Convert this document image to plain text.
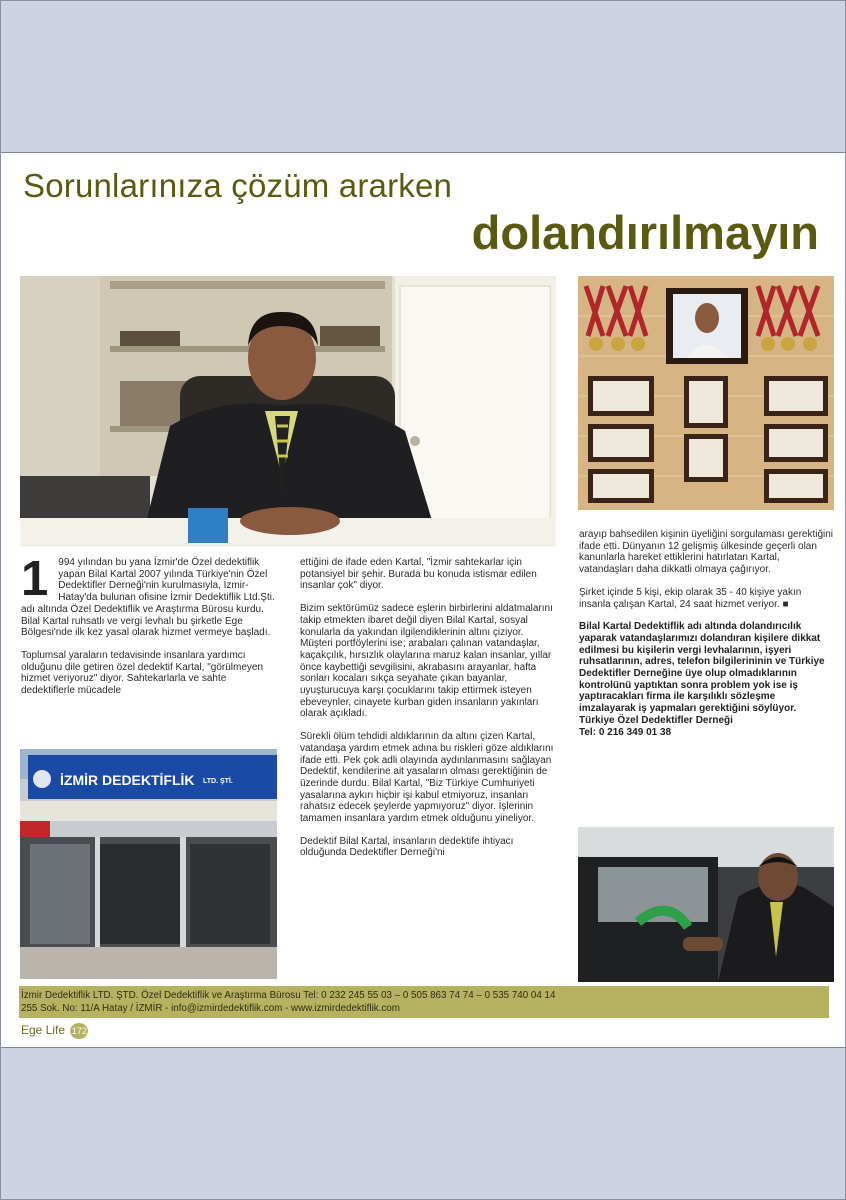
Sorunlarınıza çözüm ararken
dolandırılmayın
1	994 yılından bu yana İzmir'de Özel dedektiflik yapan Bilal Kartal 2007 yılında Türkiye'nin Özel Dedektifler Derneği'nin kurulmasıyla, İzmir-Hatay'da bulunan ofisine İzmir Dedektiflik Ltd.Şti. adı altında Özel Dedektiflik ve Araştırma Bürosu kurdu. Bilal Kartal ruhsatlı ve vergi levhalı bu şirketle Ege Bölgesi'nde ilk kez yasal olarak hizmet vermeye başladı.

Toplumsal yaraların tedavisinde insanlara yardımcı olduğunu dile getiren özel dedektif Kartal, "görülmeyen hizmet veriyoruz" diyor. Sahtekarlarla ve sahte dedektiflerle mücadele

İZMİR DEDEKTİFLİK LTD. ŞTİ.

ettiğini de ifade eden Kartal, "İzmir sahtekarlar için potansiyel bir şehir. Burada bu konuda istismar edilen insanlar çok" diyor.

Bizim sektörümüz sadece eşlerin birbirlerini aldatmalarını takip etmekten ibaret değil diyen Bilal Kartal, sosyal konularla da yakından ilgilendiklerinin altını çiziyor. Müşteri portföylerini ise; arabaları çalınan vatandaşlar, kaçakçılık, hırsızlık olaylarına maruz kalan insanlar, yıllar önce kaybettiği sevgilisini, akrabasını arayanlar, hafta sonları kocaları sıkça seyahate çıkan bayanlar, uyuşturucuya karşı çocuklarını takip ettirmek isteyen ebeveynler, cinayete kurban giden insanların yakınları olarak açıkladı.

Sürekli ölüm tehdidi aldıklarının da altını çizen Kartal, vatandaşa yardım etmek adına bu riskleri göze aldıklarını ifade etti. Pek çok adli olayında aydınlanmasını sağlayan Dedektif, kendilerine ait yasaların olması gerektiğinin de üzerinde durdu. Bilal Kartal, "Biz Türkiye Cumhuriyeti yasalarına aykırı hiçbir işi kabul etmiyoruz, insanları rahatsız edecek şeylerde yapmıyoruz" diyor. İşlerinin tamamen insanlara yardım etmek olduğunu yineliyor.

Dedektif Bilal Kartal, insanların dedektife ihtiyacı olduğunda Dedektifler Derneği'ni

arayıp bahsedilen kişinin üyeliğini sorgulaması gerektiğini ifade etti. Dünyanın 12 gelişmiş ülkesinde geçerli olan kanunlarla hareket ettiklerini hatırlatan Kartal, vatandaşları daha dikkatli olmaya çağırıyor.

Şirket içinde 5 kişi, ekip olarak 35 - 40 kişiye yakın insanla çalışan Kartal, 24 saat hizmet veriyor. ■

Bilal Kartal Dedektiflik adı altında dolandırıcılık yaparak vatandaşlarımızı dolandıran kişilere dikkat edilmesi bu kişilerin vergi levhalarının, işyeri ruhsatlarının, adres, telefon bilgilerininin ve Türkiye Dedektifler Derneğine üye olup olmadıklarının kontrolünü yaptıktan sonra problem yok ise iş yaptıracakları firma ile karşılıklı sözleşme imzalayarak iş yapmaları gerektiğini söylüyor.

Türkiye Özel Dedektifler Derneği

Tel: 0 216 349 01 38

İzmir Dedektiflik LTD. ŞTD. Özel Dedektiflik ve Araştırma Bürosu Tel: 0 232 245 55 03 – 0 505 863 74 74 – 0 535 740 04 14
255 Sok. No: 11/A Hatay / İZMİR - info@izmirdedektiflik.com - www.izmirdedektiflik.com
Ege Life 172
